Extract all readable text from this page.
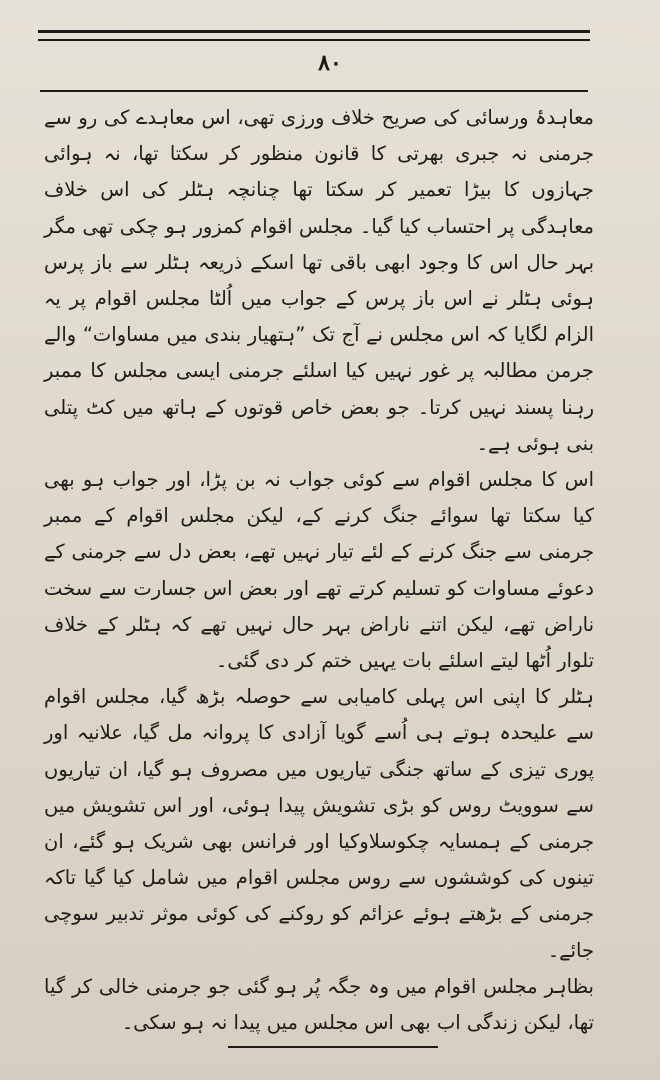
۸۰

معاہدۂ ورسائی کی صریح خلاف ورزی تھی، اس معاہدے کی رو سے جرمنی نہ جبری بھرتی کا قانون منظور کر سکتا تھا، نہ ہوائی جہازوں کا بیڑا تعمیر کر سکتا تھا چنانچہ ہٹلر کی اس خلاف معاہدگی پر احتساب کیا گیا۔ مجلس اقوام کمزور ہو چکی تھی مگر بہر حال اس کا وجود ابھی باقی تھا اسکے ذریعہ ہٹلر سے باز پرس ہوئی ہٹلر نے اس باز پرس کے جواب میں اُلٹا مجلس اقوام پر یہ الزام لگایا کہ اس مجلس نے آج تک ”ہتھیار بندی میں مساوات“ والے جرمن مطالبہ پر غور نہیں کیا اسلئے جرمنی ایسی مجلس کا ممبر رہنا پسند نہیں کرتا۔ جو بعض خاص قوتوں کے ہاتھ میں کٹ پتلی بنی ہوئی ہے۔

اس کا مجلس اقوام سے کوئی جواب نہ بن پڑا، اور جواب ہو بھی کیا سکتا تھا سوائے جنگ کرنے کے، لیکن مجلس اقوام کے ممبر جرمنی سے جنگ کرنے کے لئے تیار نہیں تھے، بعض دل سے جرمنی کے دعوئے مساوات کو تسلیم کرتے تھے اور بعض اس جسارت سے سخت ناراض تھے، لیکن اتنے ناراض بہر حال نہیں تھے کہ ہٹلر کے خلاف تلوار اُٹھا لیتے اسلئے بات یہیں ختم کر دی گئی۔

ہٹلر کا اپنی اس پہلی کامیابی سے حوصلہ بڑھ گیا، مجلس اقوام سے علیحدہ ہوتے ہی اُسے گویا آزادی کا پروانہ مل گیا، علانیہ اور پوری تیزی کے ساتھ جنگی تیاریوں میں مصروف ہو گیا، ان تیاریوں سے سوویٹ روس کو بڑی تشویش پیدا ہوئی، اور اس تشویش میں جرمنی کے ہمسایہ چکوسلاوکیا اور فرانس بھی شریک ہو گئے، ان تینوں کی کوششوں سے روس مجلس اقوام میں شامل کیا گیا تاکہ جرمنی کے بڑھتے ہوئے عزائم کو روکنے کی کوئی موثر تدبیر سوچی جائے۔

بظاہر مجلس اقوام میں وہ جگہ پُر ہو گئی جو جرمنی خالی کر گیا تھا، لیکن زندگی اب بھی اس مجلس میں پیدا نہ ہو سکی۔
